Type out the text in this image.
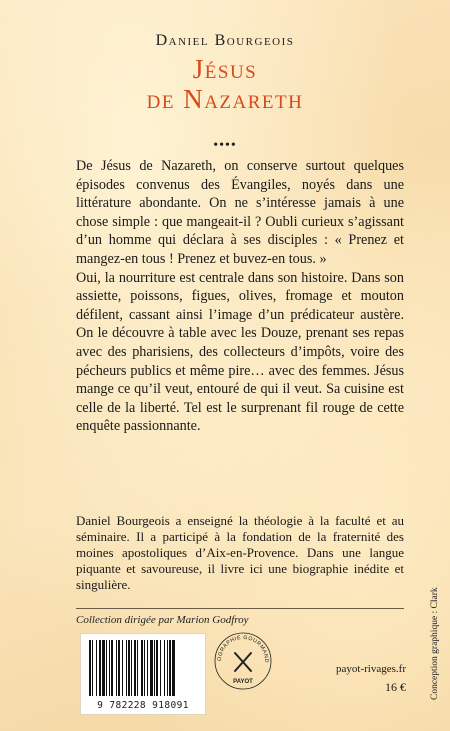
Daniel Bourgeois
Jésus
de Nazareth
••••

De Jésus de Nazareth, on conserve surtout quelques épisodes convenus des Évangiles, noyés dans une littérature abondante. On ne s’intéresse jamais à une chose simple : que mangeait-il ? Oubli curieux s’agissant d’un homme qui déclara à ses disciples : « Prenez et mangez-en tous ! Prenez et buvez-en tous. »

Oui, la nourriture est centrale dans son histoire. Dans son assiette, poissons, figues, olives, fromage et mouton défilent, cassant ainsi l’image d’un prédicateur austère. On le découvre à table avec les Douze, prenant ses repas avec des pharisiens, des collecteurs d’impôts, voire des pécheurs publics et même pire… avec des femmes. Jésus mange ce qu’il veut, entouré de qui il veut. Sa cuisine est celle de la liberté. Tel est le surprenant fil rouge de cette enquête passionnante.

Daniel Bourgeois a enseigné la théologie à la faculté et au séminaire. Il a participé à la fondation de la fraternité des moines apostoliques d’Aix-en-Provence. Dans une langue piquante et savoureuse, il livre ici une biographie inédite et singulière.
Collection dirigée par Marion Godfroy
9 782228 918091
OGRAPHIE GOURMAND
PAYOT
payot-rivages.fr
16 €	Conception graphique : Clark
